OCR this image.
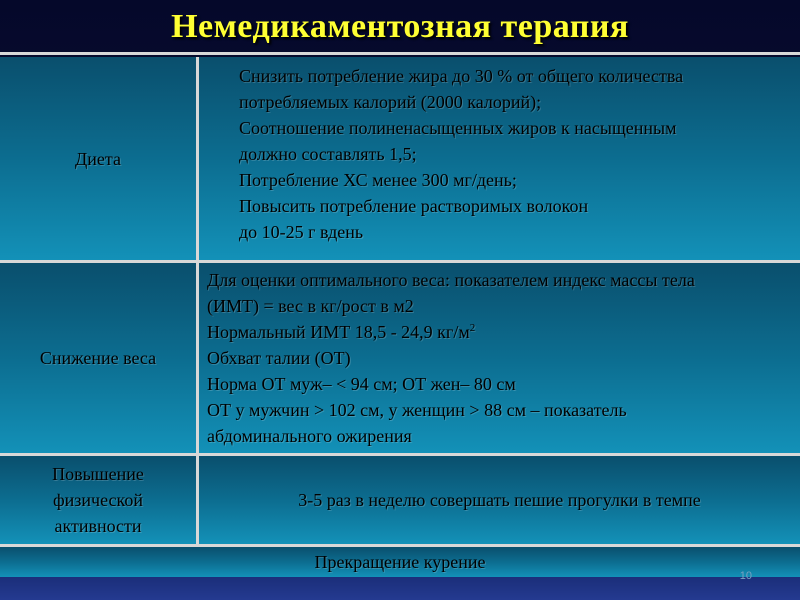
Немедикаментозная терапия
Диета
Снизить потребление жира до 30 % от общего количества
потребляемых калорий (2000 калорий);
Соотношение полиненасыщенных жиров к насыщенным
должно составлять 1,5;
Потребление ХС менее 300 мг/день;
Повысить потребление растворимых волокон
до 10-25 г вдень
Снижение веса
Для оценки оптимального веса: показателем индекс массы тела
(ИМТ) = вес в кг/рост в м2
Нормальный ИМТ 18,5 - 24,9 $кг/м^2$
Обхват талии (ОТ)
Норма ОТ муж– < 94 см; ОТ жен– 80 см
ОТ у мужчин > 102 см, у женщин > 88 см – показатель
абдоминального ожирения
Повышение
физической
активности
3-5 раз в неделю совершать пешие прогулки в темпе
Прекращение курение
10
